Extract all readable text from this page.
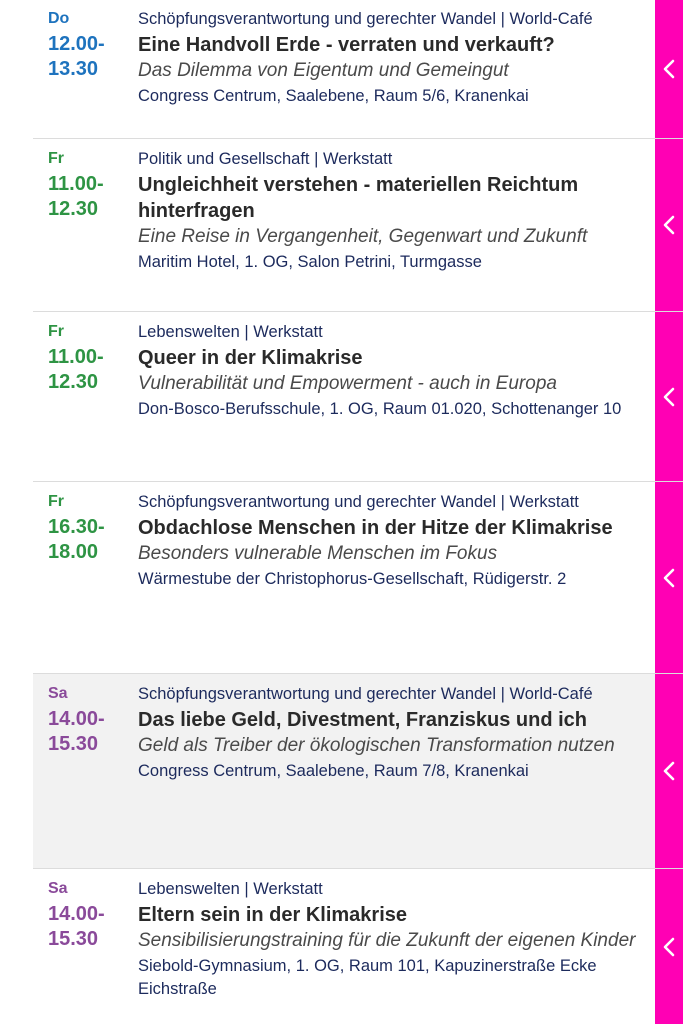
Do
12.00-
13.30
Schöpfungsverantwortung und gerechter Wandel | World-Café
Eine Handvoll Erde - verraten und verkauft?
Das Dilemma von Eigentum und Gemeingut
Congress Centrum, Saalebene, Raum 5/6, Kranenkai
Fr
11.00-
12.30
Politik und Gesellschaft | Werkstatt
Ungleichheit verstehen - materiellen Reichtum hinterfragen
Eine Reise in Vergangenheit, Gegenwart und Zukunft
Maritim Hotel, 1. OG, Salon Petrini, Turmgasse
Fr
11.00-
12.30
Lebenswelten | Werkstatt
Queer in der Klimakrise
Vulnerabilität und Empowerment - auch in Europa
Don-Bosco-Berufsschule, 1. OG, Raum 01.020, Schottenanger 10
Fr
16.30-
18.00
Schöpfungsverantwortung und gerechter Wandel | Werkstatt
Obdachlose Menschen in der Hitze der Klimakrise
Besonders vulnerable Menschen im Fokus
Wärmestube der Christophorus-Gesellschaft, Rüdigerstr. 2
Sa
14.00-
15.30
Schöpfungsverantwortung und gerechter Wandel | World-Café
Das liebe Geld, Divestment, Franziskus und ich
Geld als Treiber der ökologischen Transformation nutzen
Congress Centrum, Saalebene, Raum 7/8, Kranenkai
Sa
14.00-
15.30
Lebenswelten | Werkstatt
Eltern sein in der Klimakrise
Sensibilisierungstraining für die Zukunft der eigenen Kinder
Siebold-Gymnasium, 1. OG, Raum 101, Kapuzinerstraße Ecke Eichstraße
